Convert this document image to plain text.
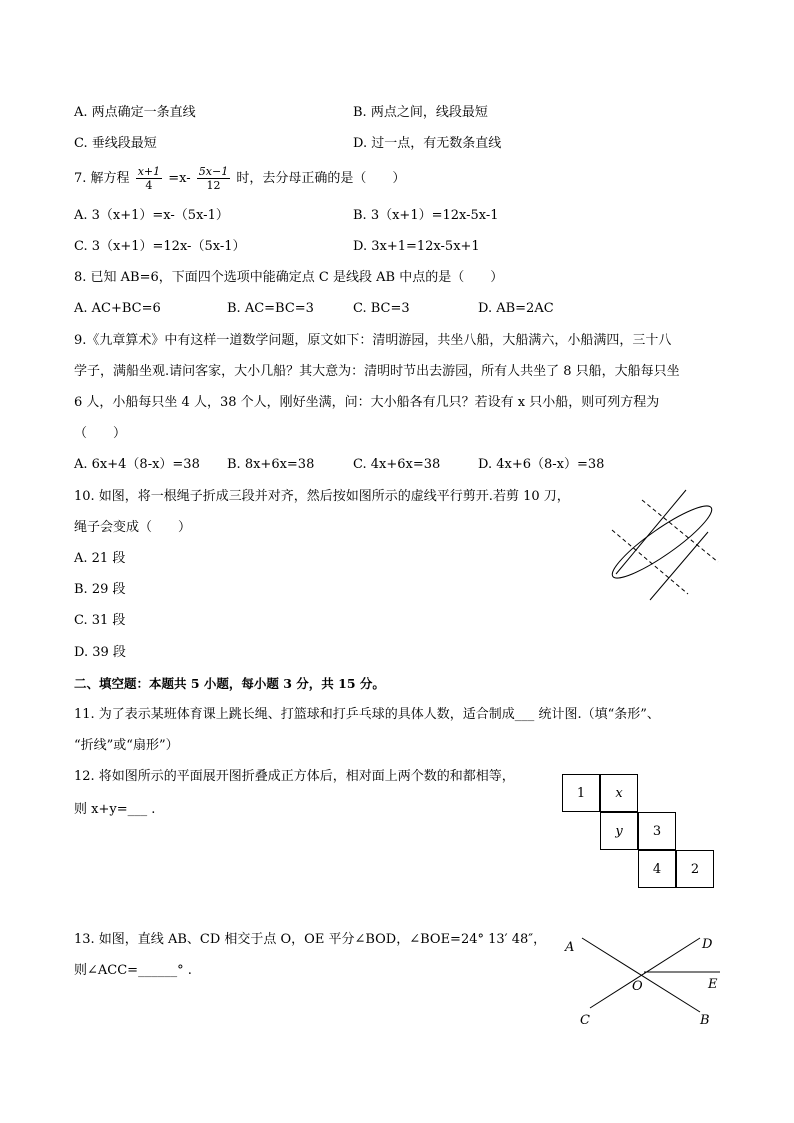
A. 两点确定一条直线	B. 两点之间，线段最短
C. 垂线段最短	D. 过一点，有无数条直线
7. 解方程 $\frac{x+1}{4} =x- \frac{5x-1}{12}$ 时，去分母正确的是（　　）
A. 3（x+1）=x-（5x-1）	B. 3（x+1）=12x-5x-1
C. 3（x+1）=12x-（5x-1）	D. 3x+1=12x-5x+1
8. 已知 AB=6，下面四个选项中能确定点 C 是线段 AB 中点的是（　　）
A. AC+BC=6	B. AC=BC=3	C. BC=3	D. AB=2AC
9.《九章算术》中有这样一道数学问题，原文如下：清明游园，共坐八船，大船满六，小船满四，三十八
学子，满船坐观.请问客家，大小几船？其大意为：清明时节出去游园，所有人共坐了 8 只船，大船每只坐
6 人，小船每只坐 4 人，38 个人，刚好坐满，问：大小船各有几只？若设有 x 只小船，则可列方程为
（　　）
A. 6x+4（8-x）=38 B. 8x+6x=38	C. 4x+6x=38	D. 4x+6（8-x）=38
10. 如图，将一根绳子折成三段并对齐，然后按如图所示的虚线平行剪开.若剪 10 刀，
绳子会变成（　　）
A. 21 段
B. 29 段
C. 31 段
D. 39 段
二、填空题：本题共 5 小题，每小题 3 分，共 15 分。
11. 为了表示某班体育课上跳长绳、打篮球和打乒乓球的具体人数，适合制成___ 统计图.（填“条形”、
“折线”或“扇形”）
12. 将如图所示的平面展开图折叠成正方体后，相对面上两个数的和都相等，
则 x+y=___ .
1	x
y	3
4	2
13. 如图，直线 AB、CD 相交于点 O，OE 平分∠BOD，∠BOE=24° 13′ 48″，
则∠ACC=______° .
A	D
E
O
C	B
